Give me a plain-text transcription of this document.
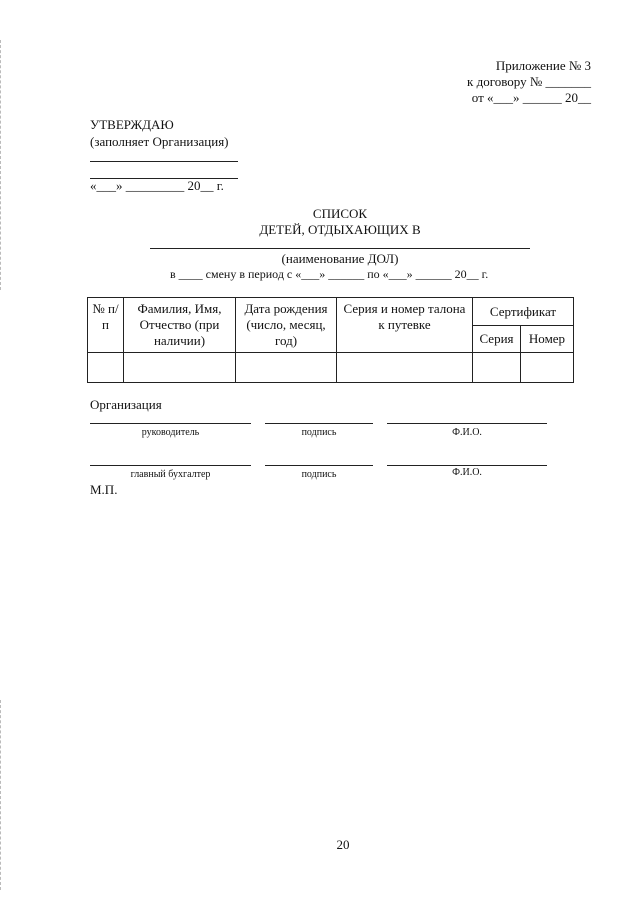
Приложение № 3
к договору № _______
от «___» ______ 20__
УТВЕРЖДАЮ
(заполняет Организация)
«___» _________ 20__ г.
СПИСОК
ДЕТЕЙ, ОТДЫХАЮЩИХ В
(наименование ДОЛ)
в ____ смену в период с «___» ______ по «___» ______ 20__ г.
№ п/п	Фамилия, Имя, Отчество (при наличии)	Дата рождения (число, месяц, год)	Серия и номер талона к путевке	Сертификат	
				Серия	Номер

Организация
руководитель	подпись	Ф.И.О.
главный бухгалтер	подпись	Ф.И.О.
М.П.
20
